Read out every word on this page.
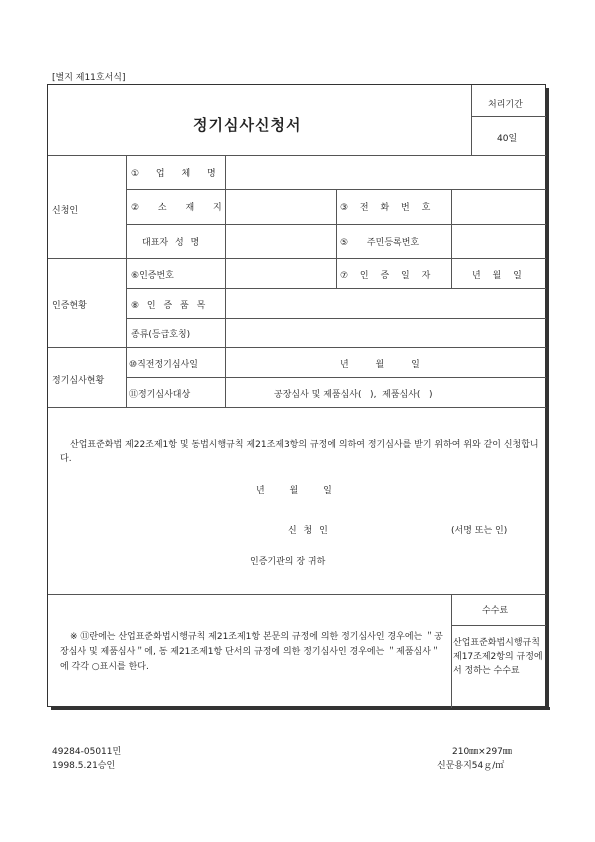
[별지 제11호서식]
정기심사신청서
처리기간
40일
신청인
① 업 체 명
② 소 재 지	③ 전 화 번 호
대표자 성 명	⑤ 주민등록번호
인증현황
⑥인증번호	⑦ 인 증 일 자	년 월 일
⑧ 인 증 품 목
종류(등급호칭)
정기심사현황
⑩직전정기심사일	년 월 일
⑪정기심사대상	공장심사 및 제품심사(   ),  제품심사(   )
산업표준화법 제22조제1항 및 동법시행규칙 제21조제3항의 규정에 의하여 정기심사를 받기 위하여 위와 같이 신청합니다.
년 월 일
신 청 인	(서명 또는 인)
인증기관의 장 귀하
※ ⑪란에는 산업표준화법시행규칙 제21조제1항 본문의 규정에 의한 정기심사인 경우에는 ＂공장심사 및 제품심사＂에, 동 제21조제1항 단서의 규정에 의한 정기심사인 경우에는 ＂제품심사＂에 각각 ○표시를 한다.
수수료
산업표준화법시행규칙 제17조제2항의 규정에서 정하는 수수료
49284-05011민
1998.5.21승인
210㎜×297㎜
신문용지54ｇ/㎡
